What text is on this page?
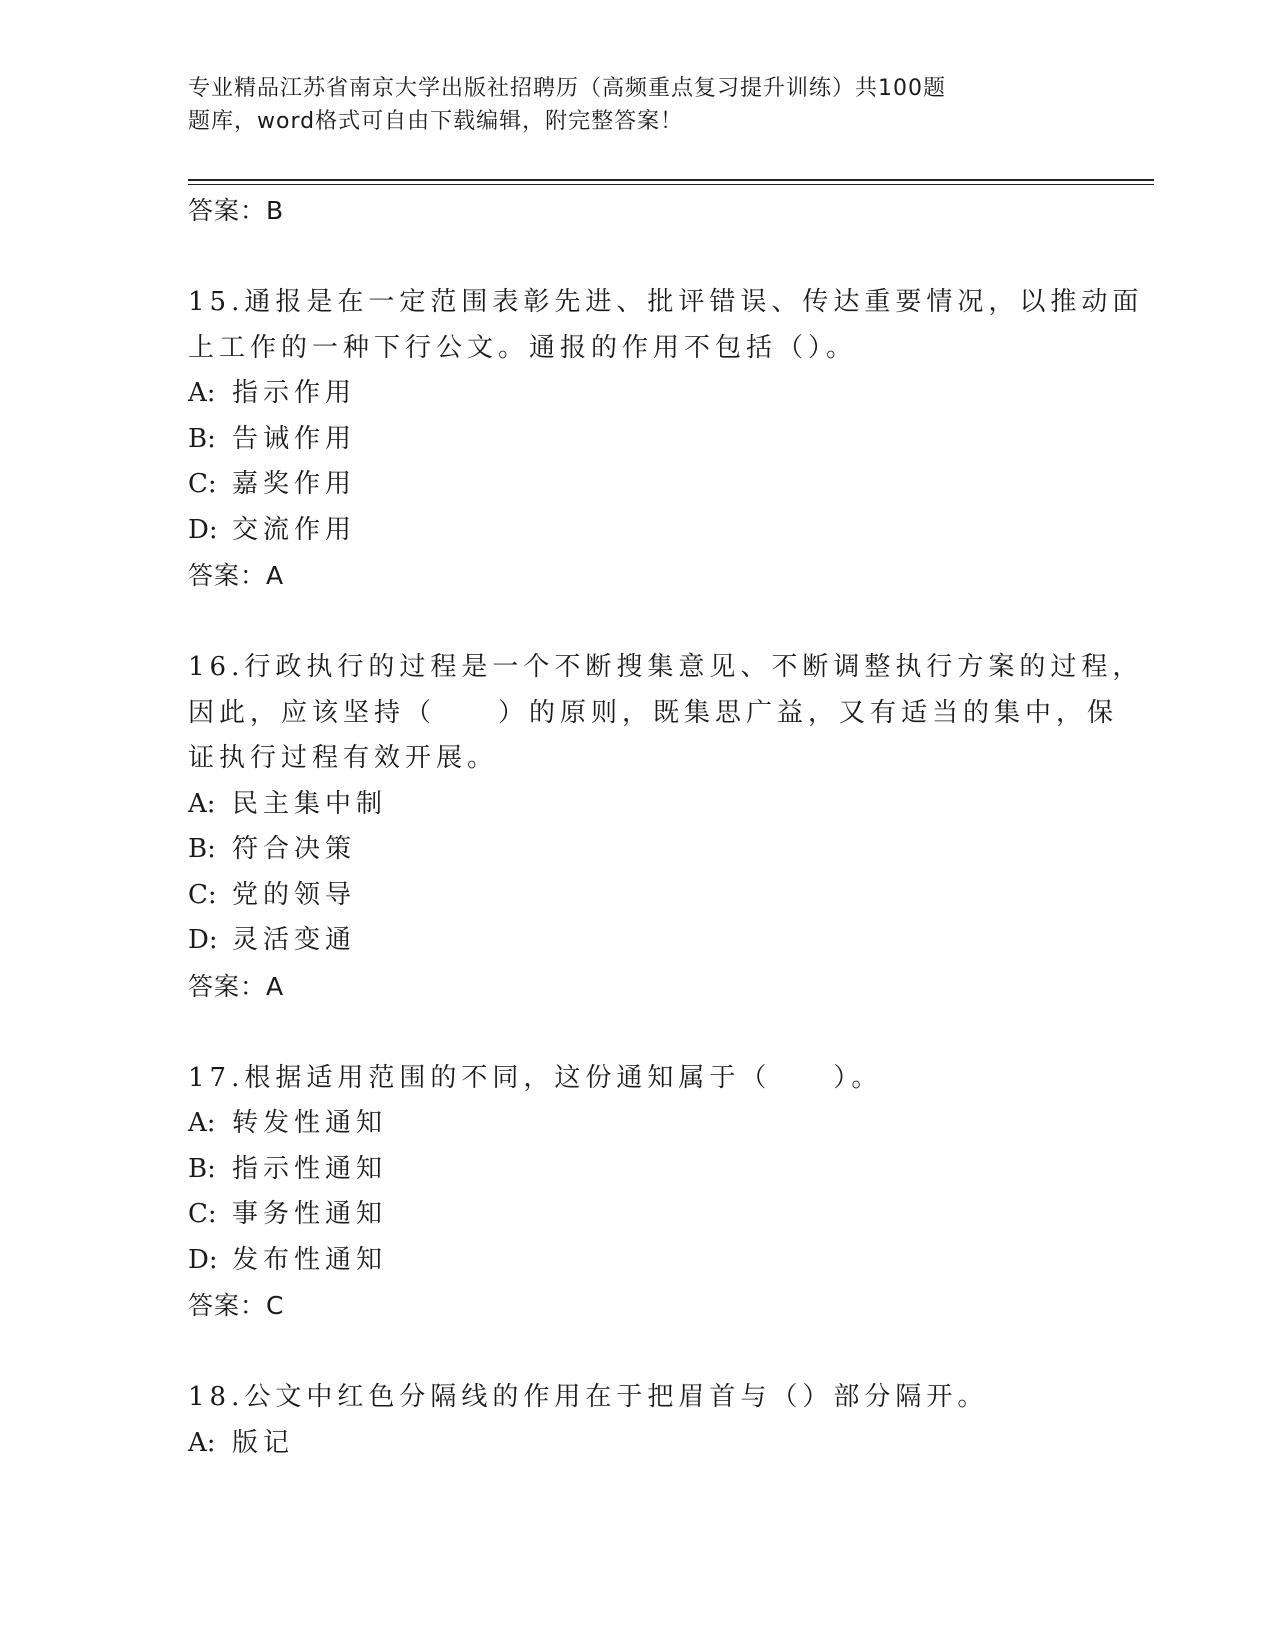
专业精品江苏省南京大学出版社招聘历（高频重点复习提升训练）共100题
题库，word格式可自由下载编辑，附完整答案！
答案：B
15.通报是在一定范围表彰先进、批评错误、传达重要情况，以推动面
上工作的一种下行公文。通报的作用不包括（）。
A: 指示作用
B: 告诫作用
C: 嘉奖作用
D: 交流作用
答案：A
16.行政执行的过程是一个不断搜集意见、不断调整执行方案的过程，
因此，应该坚持（　　）的原则，既集思广益，又有适当的集中，保
证执行过程有效开展。
A: 民主集中制
B: 符合决策
C: 党的领导
D: 灵活变通
答案：A
17.根据适用范围的不同，这份通知属于（　　）。
A: 转发性通知
B: 指示性通知
C: 事务性通知
D: 发布性通知
答案：C
18.公文中红色分隔线的作用在于把眉首与（）部分隔开。
A: 版记
